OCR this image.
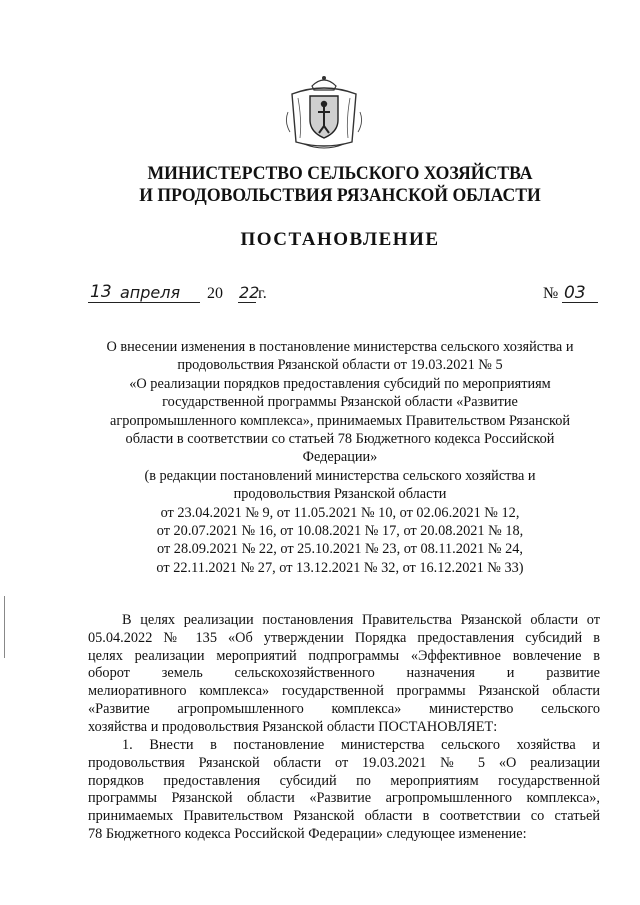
МИНИСТЕРСТВО СЕЛЬСКОГО ХОЗЯЙСТВА
И ПРОДОВОЛЬСТВИЯ РЯЗАНСКОЙ ОБЛАСТИ
ПОСТАНОВЛЕНИЕ
13 апреля 20 22
г.	№ 03
О внесении изменения в постановление министерства сельского хозяйства и
продовольствия Рязанской области от 19.03.2021 № 5
«О реализации порядков предоставления субсидий по мероприятиям
государственной программы Рязанской области «Развитие
агропромышленного комплекса», принимаемых Правительством Рязанской
области в соответствии со статьей 78 Бюджетного кодекса Российской
Федерации»
(в редакции постановлений министерства сельского хозяйства и
продовольствия Рязанской области
от 23.04.2021 № 9, от 11.05.2021 № 10, от 02.06.2021 № 12,
от 20.07.2021 № 16, от 10.08.2021 № 17, от 20.08.2021 № 18,
от 28.09.2021 № 22, от 25.10.2021 № 23, от 08.11.2021 № 24,
от 22.11.2021 № 27, от 13.12.2021 № 32, от 16.12.2021 № 33)
В целях реализации постановления Правительства Рязанской области от
05.04.2022 № 135 «Об утверждении Порядка предоставления субсидий в
целях реализации мероприятий подпрограммы «Эффективное вовлечение в
оборот земель сельскохозяйственного назначения и развитие
мелиоративного комплекса» государственной программы Рязанской области
«Развитие агропромышленного комплекса» министерство сельского
хозяйства и продовольствия Рязанской области ПОСТАНОВЛЯЕТ:
1. Внести в постановление министерства сельского хозяйства и
продовольствия Рязанской области от 19.03.2021 № 5 «О реализации
порядков предоставления субсидий по мероприятиям государственной
программы Рязанской области «Развитие агропромышленного комплекса»,
принимаемых Правительством Рязанской области в соответствии со статьей
78 Бюджетного кодекса Российской Федерации» следующее изменение:
